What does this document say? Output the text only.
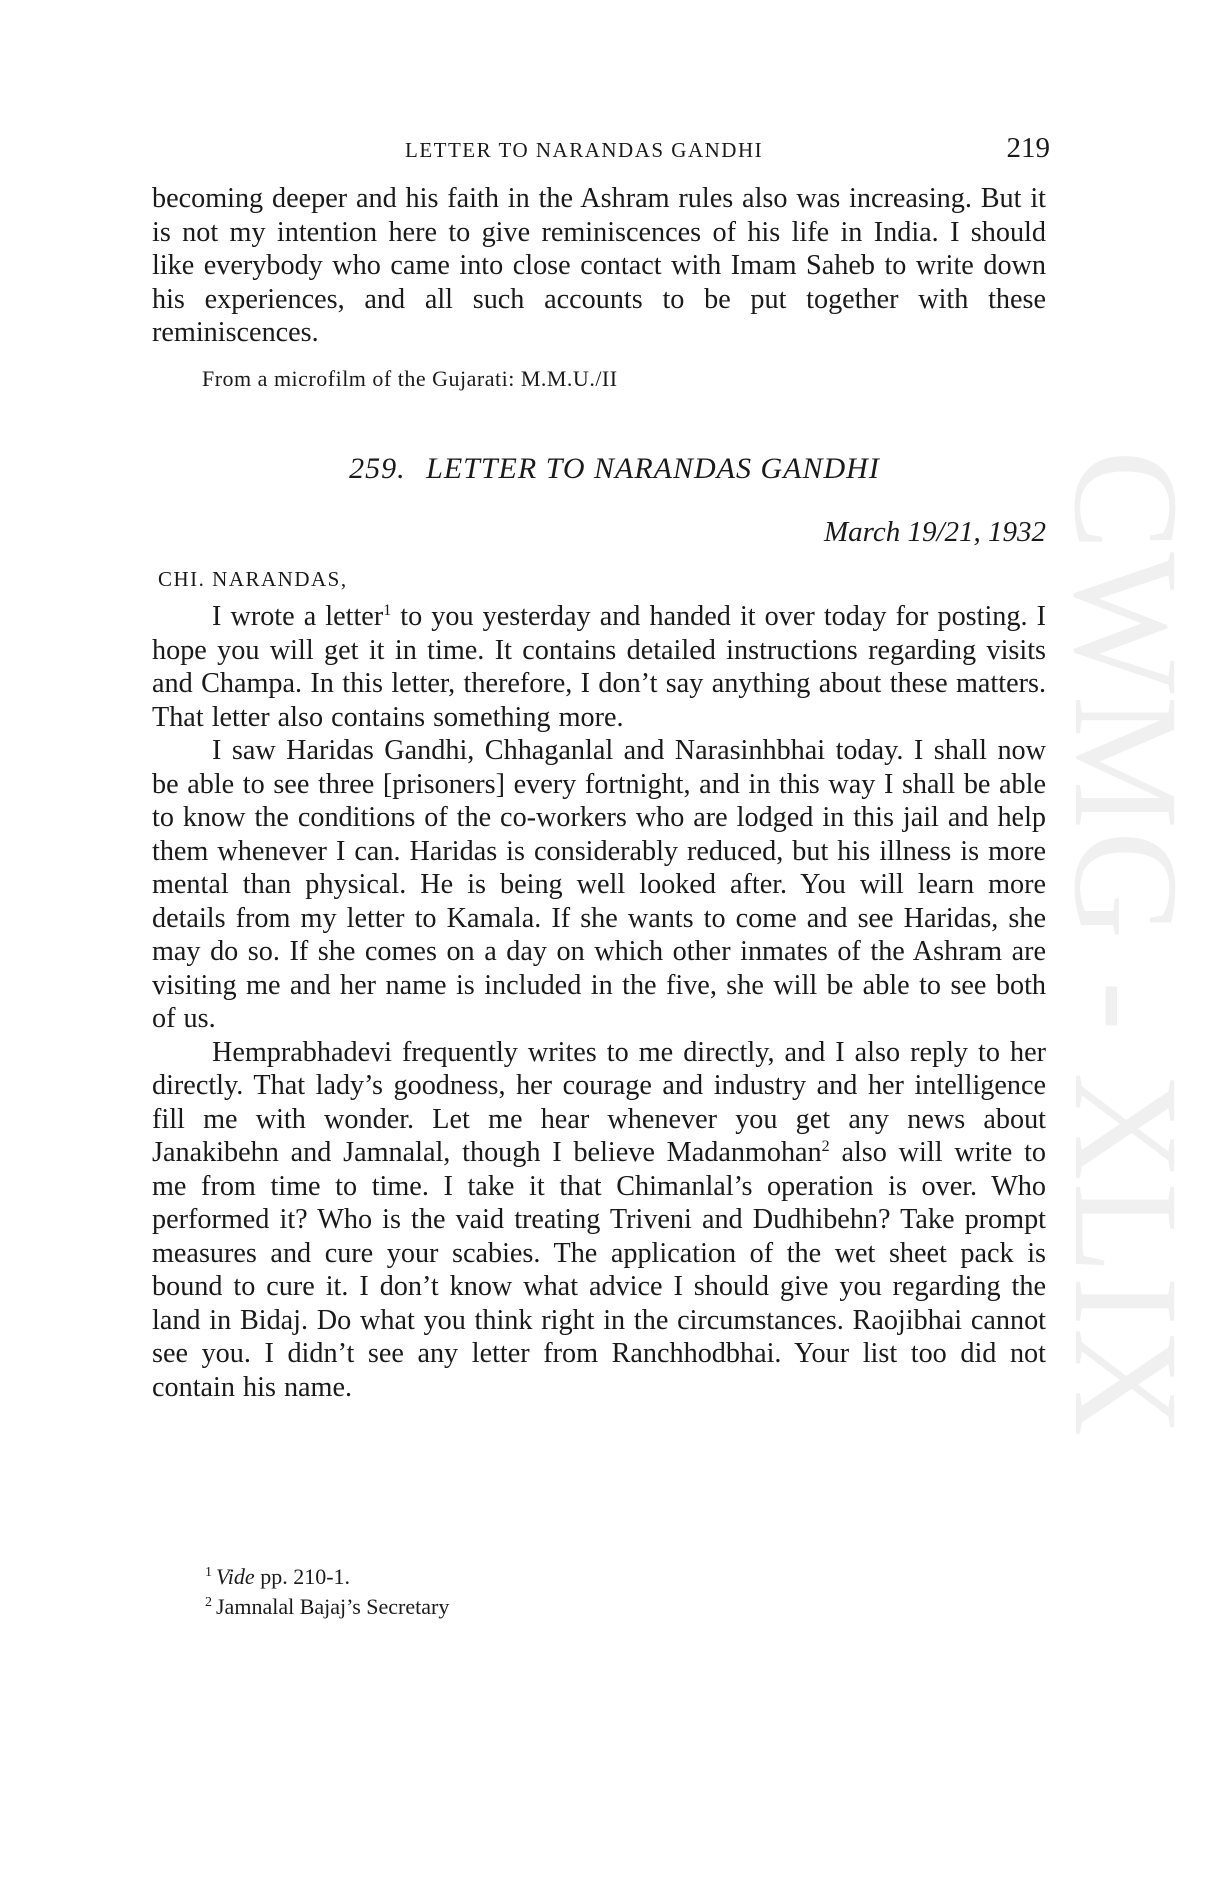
LETTER TO NARANDAS GANDHI	219
CWMG - XLIX

becoming deeper and his faith in the Ashram rules also was increasing. But it is not my intention here to give reminiscences of his life in India. I should like everybody who came into close contact with Imam Saheb to write down his experiences, and all such accounts to be put together with these reminiscences.

From a microfilm of the Gujarati: M.M.U./II
259. LETTER TO NARANDAS GANDHI
March 19/21, 1932
CHI. NARANDAS,

I wrote a letter$^1$ to you yesterday and handed it over today for posting. I hope you will get it in time. It contains detailed instructions regarding visits and Champa. In this letter, therefore, I don’t say anything about these matters. That letter also contains something more.

I saw Haridas Gandhi, Chhaganlal and Narasinhbhai today. I shall now be able to see three [prisoners] every fortnight, and in this way I shall be able to know the conditions of the co-workers who are lodged in this jail and help them whenever I can. Haridas is considerably reduced, but his illness is more mental than physical. He is being well looked after. You will learn more details from my letter to Kamala. If she wants to come and see Haridas, she may do so. If she comes on a day on which other inmates of the Ashram are visiting me and her name is included in the five, she will be able to see both of us.

Hemprabhadevi frequently writes to me directly, and I also reply to her directly. That lady’s goodness, her courage and industry and her intelligence fill me with wonder. Let me hear whenever you get any news about Janakibehn and Jamnalal, though I believe Madanmohan$^2$ also will write to me from time to time. I take it that Chimanlal’s operation is over. Who performed it? Who is the vaid treating Triveni and Dudhibehn? Take prompt measures and cure your scabies. The application of the wet sheet pack is bound to cure it. I don’t know what advice I should give you regarding the land in Bidaj. Do what you think right in the circumstances. Raojibhai cannot see you. I didn’t see any letter from Ranchhodbhai. Your list too did not contain his name.

$^1$ Vide pp. 210-1.

$^2$ Jamnalal Bajaj’s Secretary
